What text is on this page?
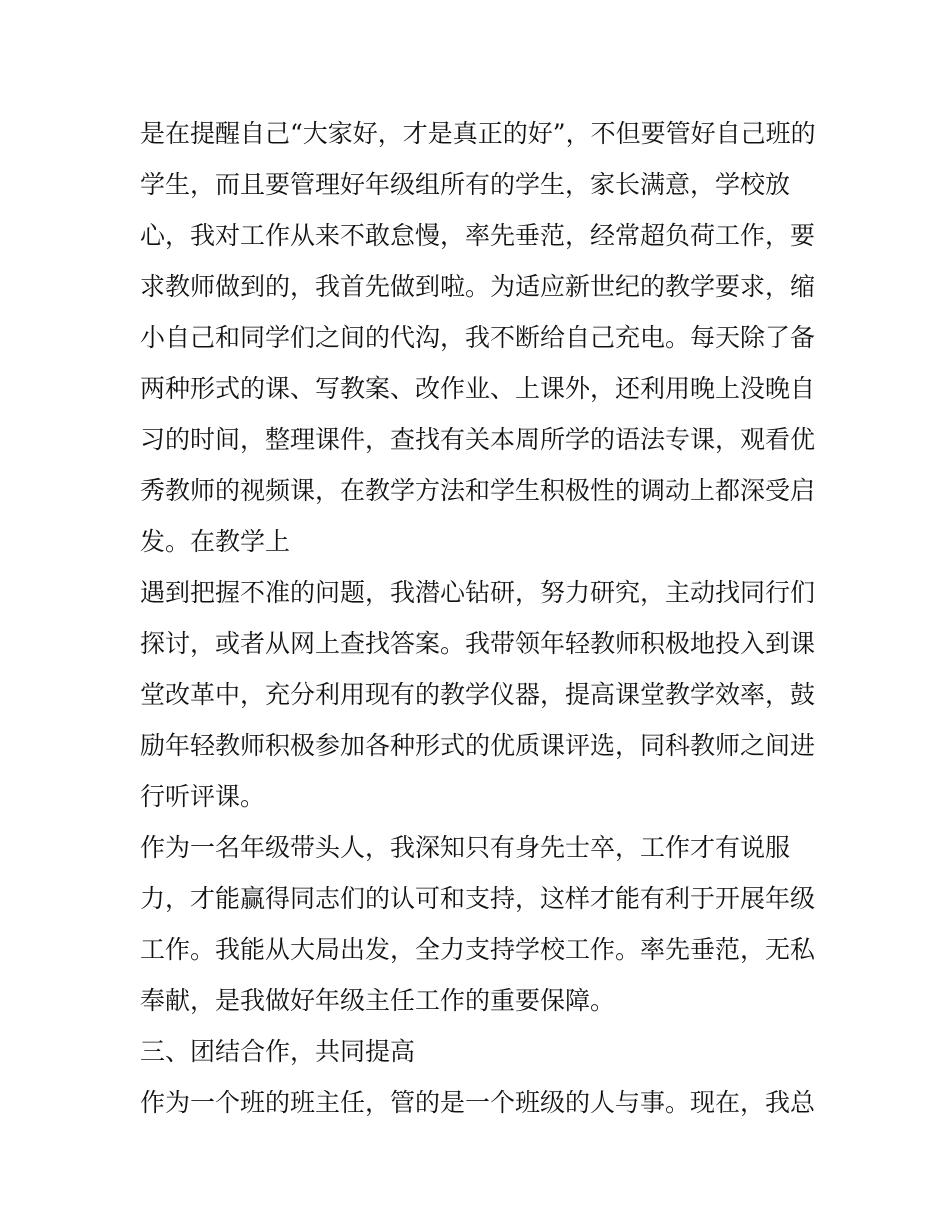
是在提醒自己“大家好，才是真正的好”，不但要管好自己班的
学生，而且要管理好年级组所有的学生，家长满意，学校放
心，我对工作从来不敢怠慢，率先垂范，经常超负荷工作，要
求教师做到的，我首先做到啦。为适应新世纪的教学要求，缩
小自己和同学们之间的代沟，我不断给自己充电。每天除了备
两种形式的课、写教案、改作业、上课外，还利用晚上没晚自
习的时间，整理课件，查找有关本周所学的语法专课，观看优
秀教师的视频课，在教学方法和学生积极性的调动上都深受启
发。在教学上
遇到把握不准的问题，我潜心钻研，努力研究，主动找同行们
探讨，或者从网上查找答案。我带领年轻教师积极地投入到课
堂改革中，充分利用现有的教学仪器，提高课堂教学效率，鼓
励年轻教师积极参加各种形式的优质课评选，同科教师之间进
行听评课。
作为一名年级带头人，我深知只有身先士卒，工作才有说服
力，才能赢得同志们的认可和支持，这样才能有利于开展年级
工作。我能从大局出发，全力支持学校工作。率先垂范，无私
奉献，是我做好年级主任工作的重要保障。
三、团结合作，共同提高
作为一个班的班主任，管的是一个班级的人与事。现在，我总
